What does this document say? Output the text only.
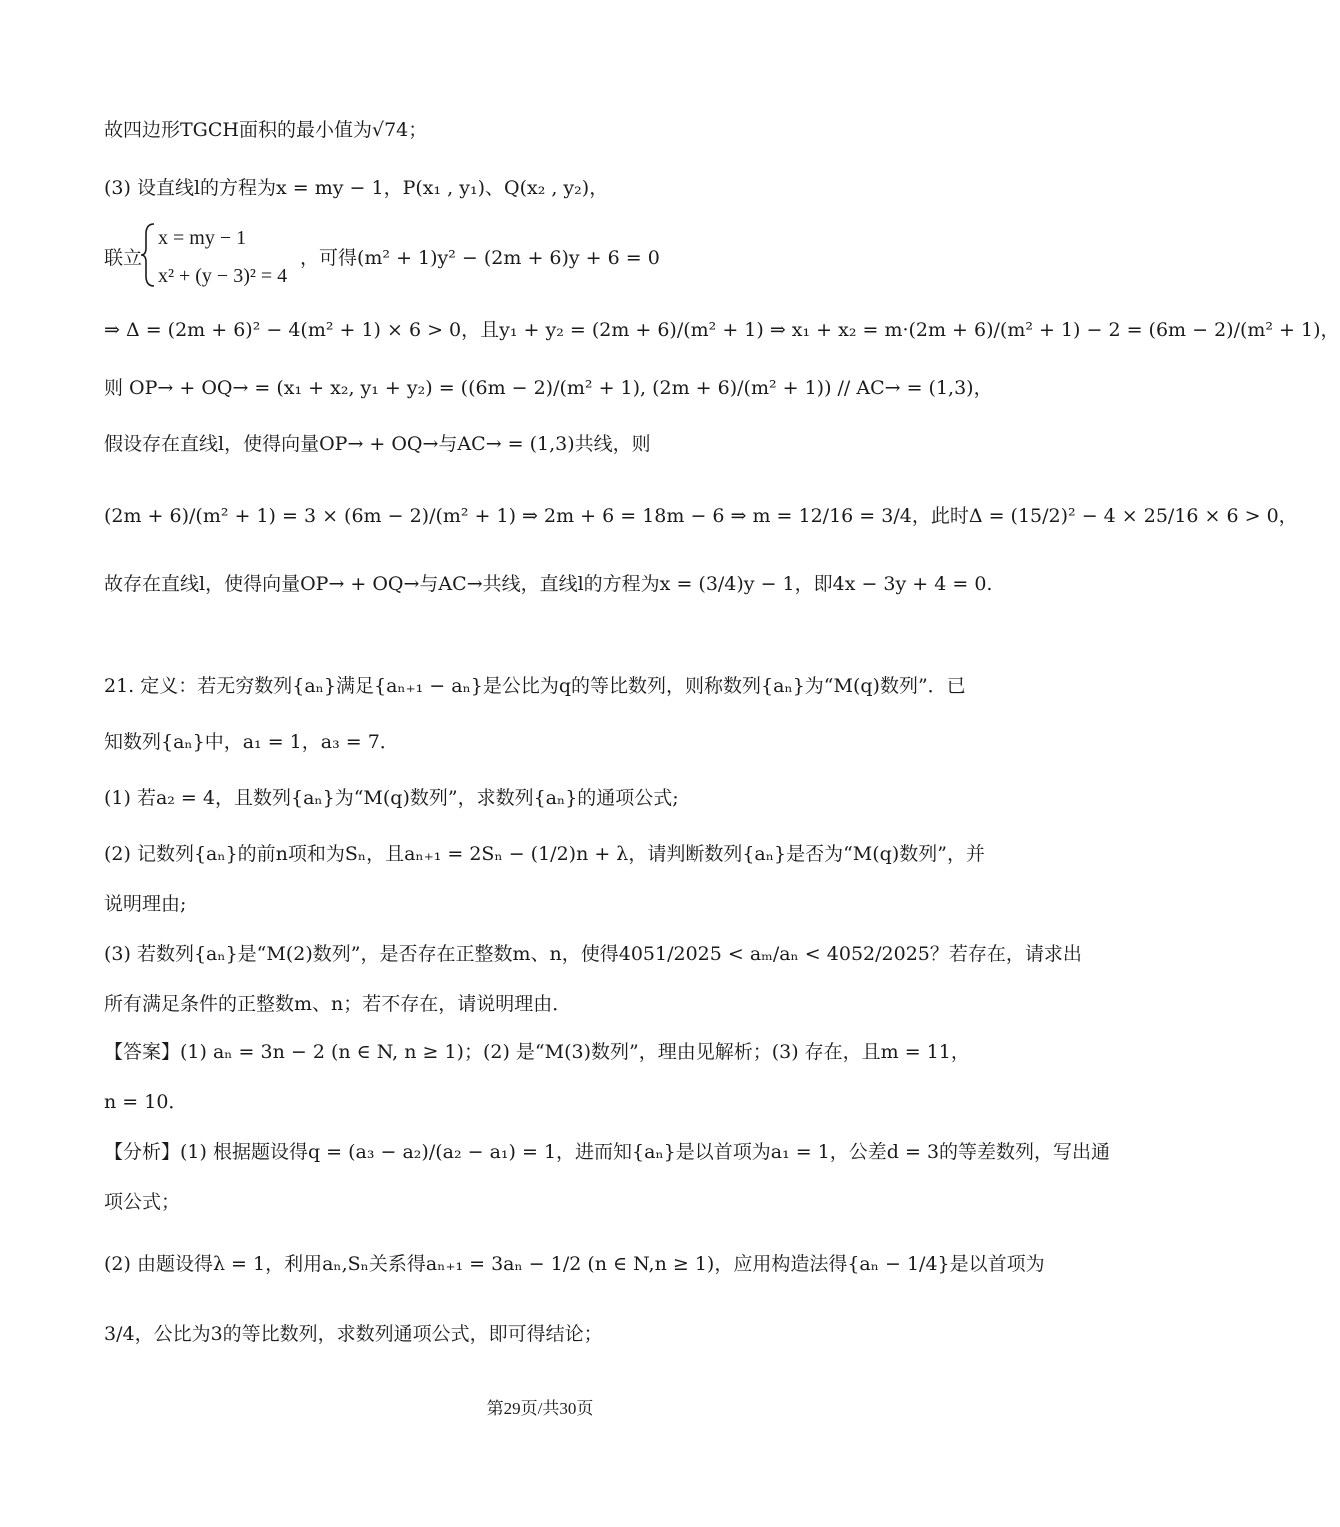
故四边形TGCH面积的最小值为√74；
(3) 设直线l的方程为x = my − 1，P(x₁ , y₁)、Q(x₂ , y₂)，
联立
x = my − 1
x² + (y − 3)² = 4
，可得(m² + 1)y² − (2m + 6)y + 6 = 0
⇒ Δ = (2m + 6)² − 4(m² + 1) × 6 > 0，且y₁ + y₂ = (2m + 6)/(m² + 1) ⇒ x₁ + x₂ = m·(2m + 6)/(m² + 1) − 2 = (6m − 2)/(m² + 1)，
则 OP→ + OQ→ = (x₁ + x₂, y₁ + y₂) = ((6m − 2)/(m² + 1), (2m + 6)/(m² + 1)) // AC→ = (1,3)，
假设存在直线l，使得向量OP→ + OQ→与AC→ = (1,3)共线，则
(2m + 6)/(m² + 1) = 3 × (6m − 2)/(m² + 1) ⇒ 2m + 6 = 18m − 6 ⇒ m = 12/16 = 3/4，此时Δ = (15/2)² − 4 × 25/16 × 6 > 0，
故存在直线l，使得向量OP→ + OQ→与AC→共线，直线l的方程为x = (3/4)y − 1，即4x − 3y + 4 = 0.
21. 定义：若无穷数列{aₙ}满足{aₙ₊₁ − aₙ}是公比为q的等比数列，则称数列{aₙ}为“M(q)数列”．已
知数列{aₙ}中，a₁ = 1，a₃ = 7．
(1) 若a₂ = 4，且数列{aₙ}为“M(q)数列”，求数列{aₙ}的通项公式;
(2) 记数列{aₙ}的前n项和为Sₙ，且aₙ₊₁ = 2Sₙ − (1/2)n + λ，请判断数列{aₙ}是否为“M(q)数列”，并
说明理由;
(3) 若数列{aₙ}是“M(2)数列”，是否存在正整数m、n，使得4051/2025 < aₘ/aₙ < 4052/2025？若存在，请求出
所有满足条件的正整数m、n；若不存在，请说明理由．
【答案】(1) aₙ = 3n − 2 (n ∈ N, n ≥ 1)；(2) 是“M(3)数列”，理由见解析；(3) 存在，且m = 11，
n = 10．
【分析】(1) 根据题设得q = (a₃ − a₂)/(a₂ − a₁) = 1，进而知{aₙ}是以首项为a₁ = 1，公差d = 3的等差数列，写出通
项公式；
(2) 由题设得λ = 1，利用aₙ,Sₙ关系得aₙ₊₁ = 3aₙ − 1/2 (n ∈ N,n ≥ 1)，应用构造法得{aₙ − 1/4}是以首项为
3/4，公比为3的等比数列，求数列通项公式，即可得结论；
第29页/共30页
